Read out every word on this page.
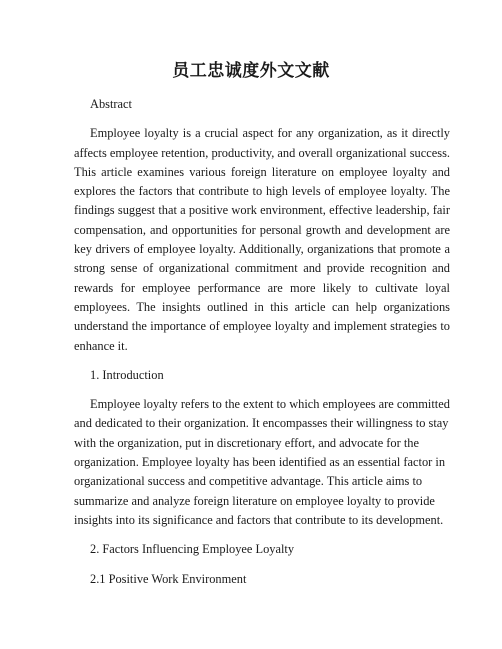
员工忠诚度外文文献

Abstract

Employee loyalty is a crucial aspect for any organization, as it directly affects employee retention, productivity, and overall organizational success. This article examines various foreign literature on employee loyalty and explores the factors that contribute to high levels of employee loyalty. The findings suggest that a positive work environment, effective leadership, fair compensation, and opportunities for personal growth and development are key drivers of employee loyalty. Additionally, organizations that promote a strong sense of organizational commitment and provide recognition and rewards for employee performance are more likely to cultivate loyal employees. The insights outlined in this article can help organizations understand the importance of employee loyalty and implement strategies to enhance it.

1. Introduction

Employee loyalty refers to the extent to which employees are committed and dedicated to their organization. It encompasses their willingness to stay with the organization, put in discretionary effort, and advocate for the organization. Employee loyalty has been identified as an essential factor in organizational success and competitive advantage. This article aims to summarize and analyze foreign literature on employee loyalty to provide insights into its significance and factors that contribute to its development.

2. Factors Influencing Employee Loyalty

2.1 Positive Work Environment
